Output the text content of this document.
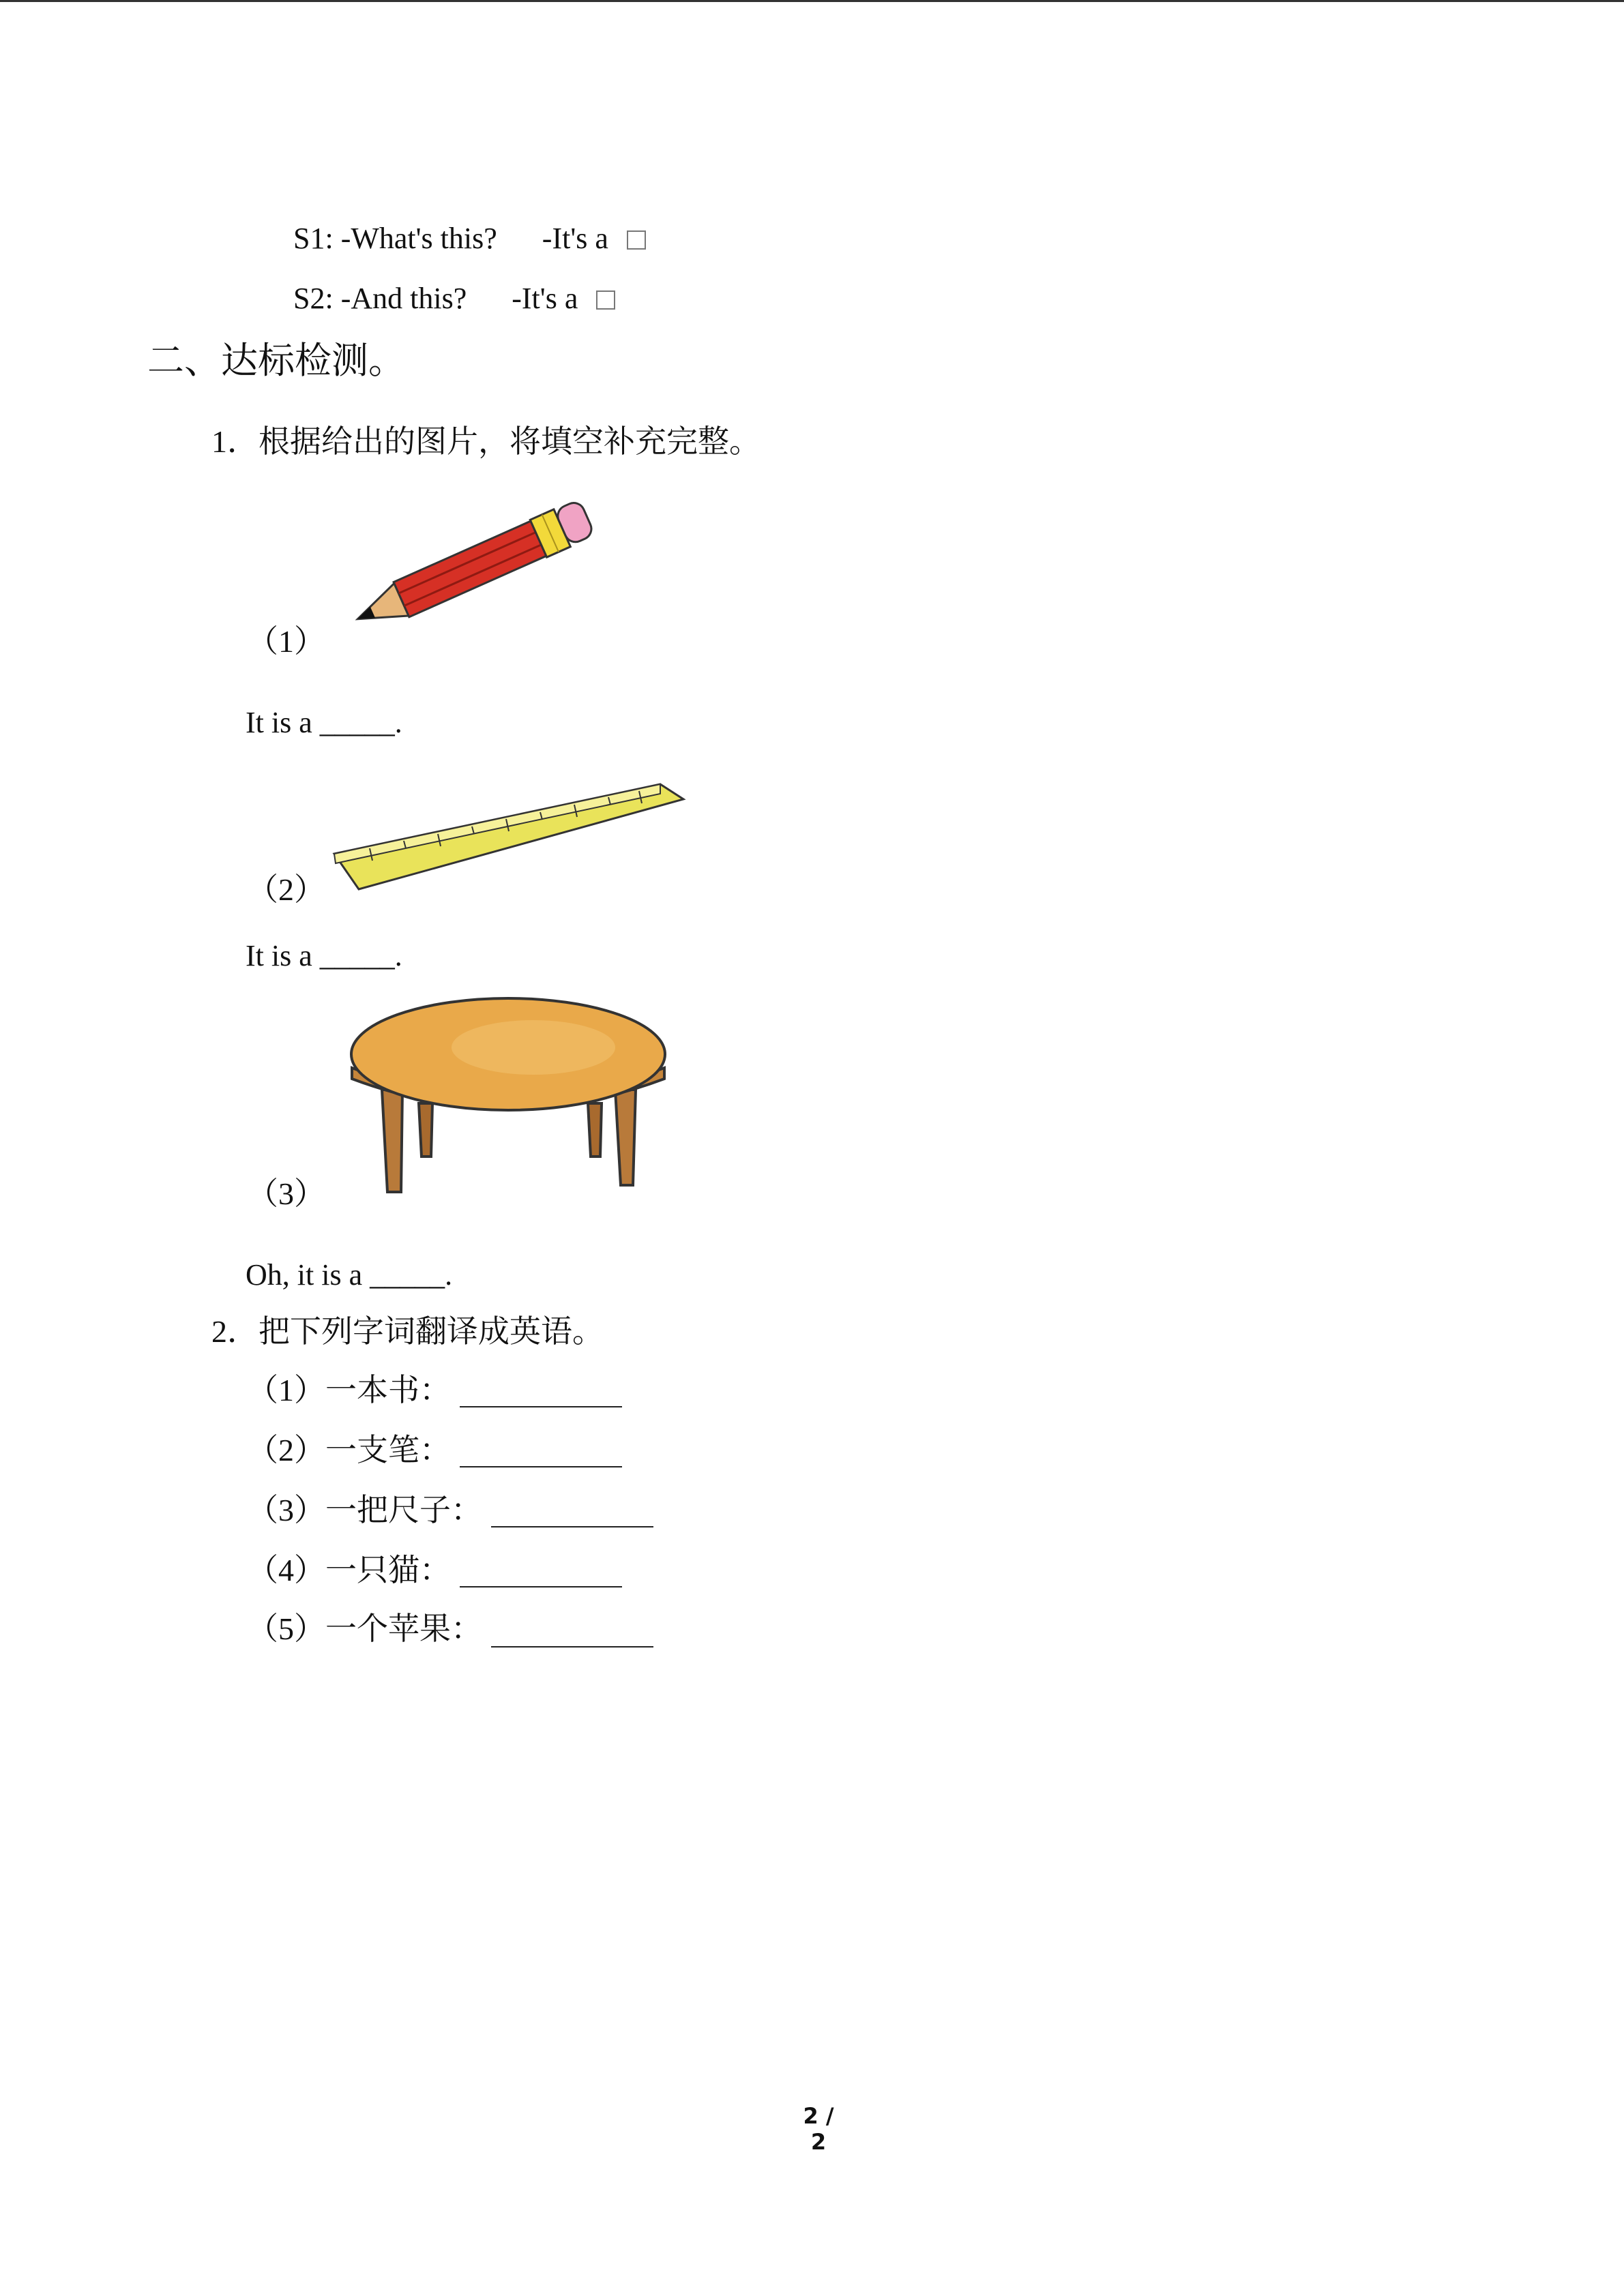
S1: -What's this? -It's a
S2: -And this? -It's a
二、达标检测。
1．根据给出的图片，将填空补充完整。
（1）
It is a _____.
（2）
It is a _____.
（3）
Oh, it is a _____.
2．把下列字词翻译成英语。
（1）一本书：
（2）一支笔：
（3）一把尺子：
（4）一只猫：
（5）一个苹果：
2 / 2
